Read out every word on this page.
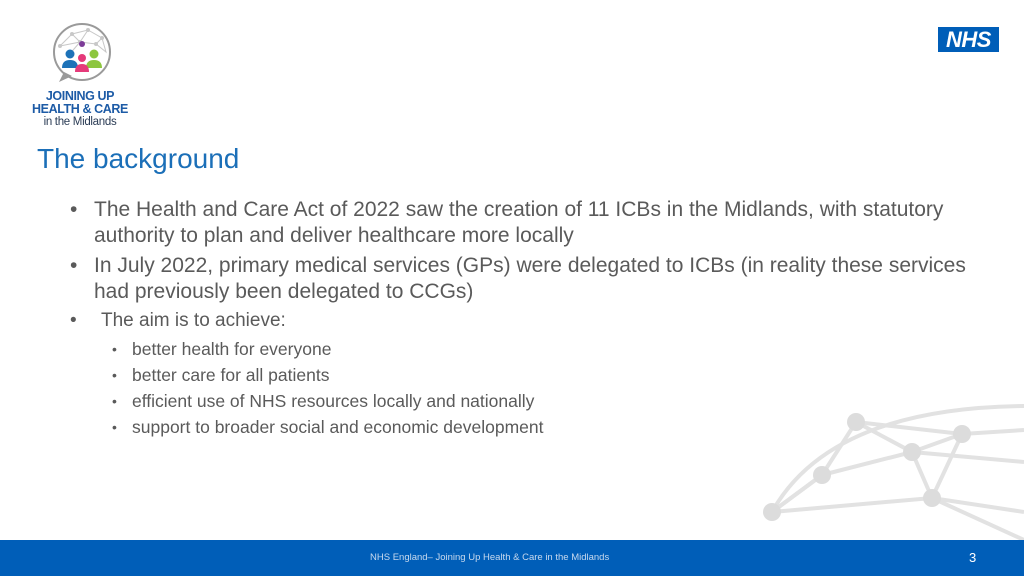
JOINING UP
HEALTH & CARE
in the Midlands
NHS
The background
• The Health and Care Act of 2022 saw the creation of 11 ICBs in the Midlands, with statutory authority to plan and deliver healthcare more locally
• In July 2022, primary medical services (GPs) were delegated to ICBs (in reality these services had previously been delegated to CCGs)
• The aim is to achieve:
• better health for everyone
• better care for all patients
• efficient use of NHS resources locally and nationally
• support to broader social and economic development
NHS England– Joining Up Health & Care in the Midlands	3
